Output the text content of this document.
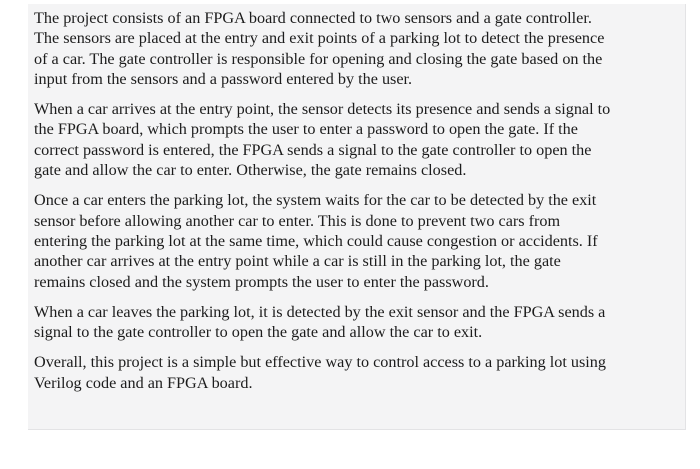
The project consists of an FPGA board connected to two sensors and a gate controller.
The sensors are placed at the entry and exit points of a parking lot to detect the presence
of a car. The gate controller is responsible for opening and closing the gate based on the
input from the sensors and a password entered by the user.

When a car arrives at the entry point, the sensor detects its presence and sends a signal to
the FPGA board, which prompts the user to enter a password to open the gate. If the
correct password is entered, the FPGA sends a signal to the gate controller to open the
gate and allow the car to enter. Otherwise, the gate remains closed.

Once a car enters the parking lot, the system waits for the car to be detected by the exit
sensor before allowing another car to enter. This is done to prevent two cars from
entering the parking lot at the same time, which could cause congestion or accidents. If
another car arrives at the entry point while a car is still in the parking lot, the gate
remains closed and the system prompts the user to enter the password.

When a car leaves the parking lot, it is detected by the exit sensor and the FPGA sends a
signal to the gate controller to open the gate and allow the car to exit.

Overall, this project is a simple but effective way to control access to a parking lot using
Verilog code and an FPGA board.
